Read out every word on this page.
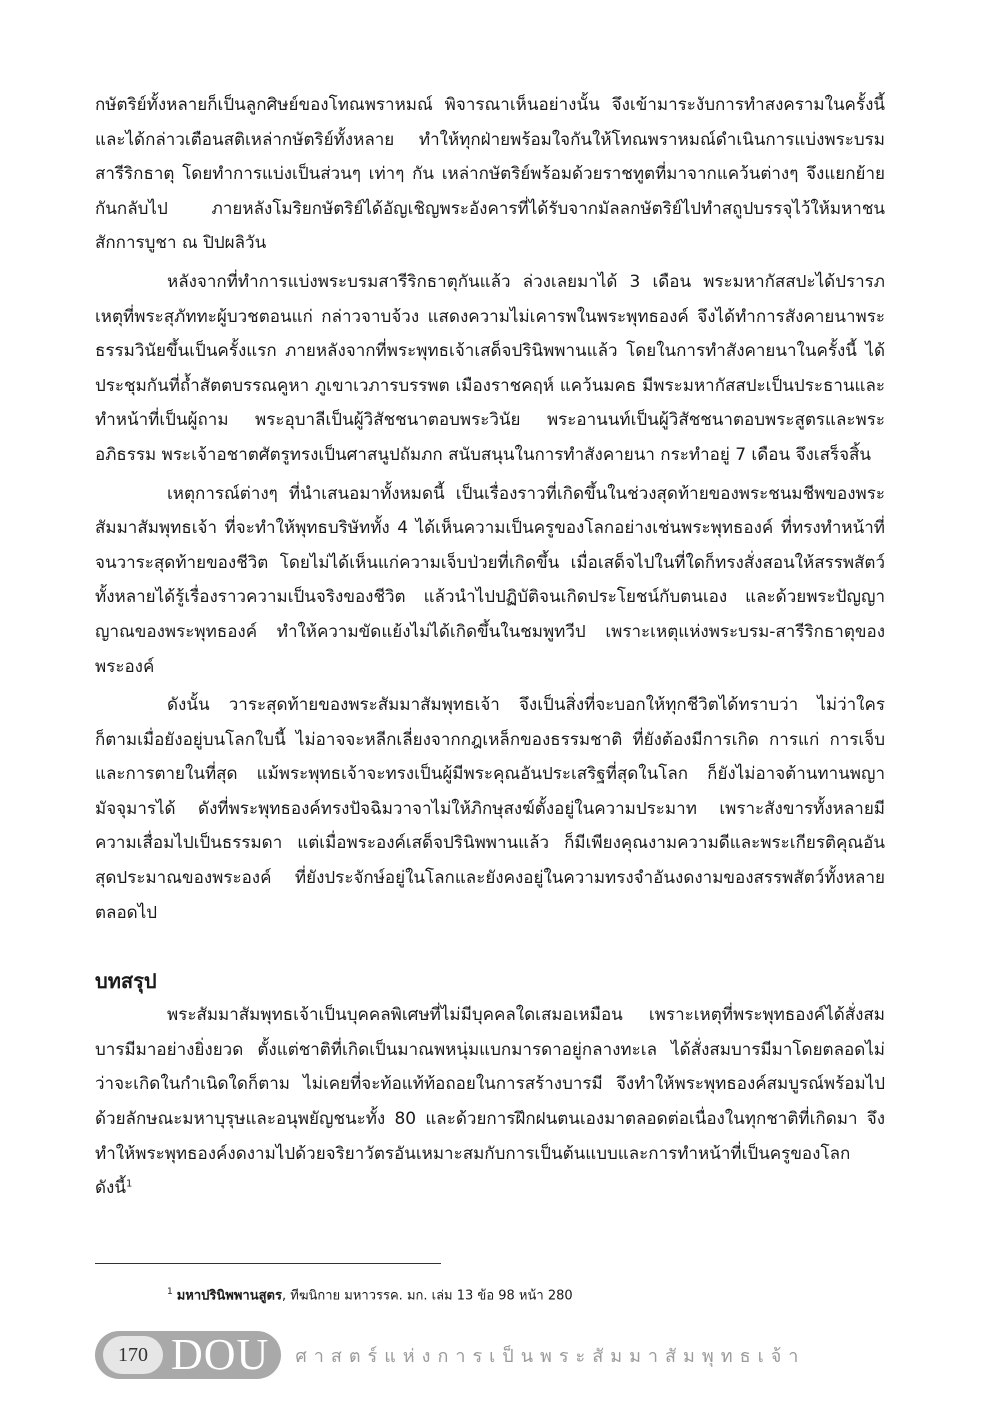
กษัตริย์ทั้งหลายก็เป็นลูกศิษย์ของโทณพราหมณ์ พิจารณาเห็นอย่างนั้น จึงเข้ามาระงับการทำสงครามในครั้งนี้ และได้กล่าวเตือนสติเหล่ากษัตริย์ทั้งหลาย ทำให้ทุกฝ่ายพร้อมใจกันให้โทณพราหมณ์ดำเนินการแบ่งพระบรมสารีริกธาตุ โดยทำการแบ่งเป็นส่วนๆ เท่าๆ กัน เหล่ากษัตริย์พร้อมด้วยราชทูตที่มาจากแคว้นต่างๆ จึงแยกย้ายกันกลับไป ภายหลังโมริยกษัตริย์ได้อัญเชิญพระอังคารที่ได้รับจากมัลลกษัตริย์ไปทำสถูปบรรจุไว้ให้มหาชนสักการบูชา ณ ปิปผลิวัน

หลังจากที่ทำการแบ่งพระบรมสารีริกธาตุกันแล้ว ล่วงเลยมาได้ 3 เดือน พระมหากัสสปะได้ปรารภเหตุที่พระสุภัททะผู้บวชตอนแก่ กล่าวจาบจ้วง แสดงความไม่เคารพในพระพุทธองค์ จึงได้ทำการสังคายนาพระธรรมวินัยขึ้นเป็นครั้งแรก ภายหลังจากที่พระพุทธเจ้าเสด็จปรินิพพานแล้ว โดยในการทำสังคายนาในครั้งนี้ ได้ประชุมกันที่ถ้ำสัตตบรรณคูหา ภูเขาเวภารบรรพต เมืองราชคฤห์ แคว้นมคธ มีพระมหากัสสปะเป็นประธานและทำหน้าที่เป็นผู้ถาม พระอุบาลีเป็นผู้วิสัชชนาตอบพระวินัย พระอานนท์เป็นผู้วิสัชชนาตอบพระสูตรและพระอภิธรรม พระเจ้าอชาตศัตรูทรงเป็นศาสนูปถัมภก สนับสนุนในการทำสังคายนา กระทำอยู่ 7 เดือน จึงเสร็จสิ้น

เหตุการณ์ต่างๆ ที่นำเสนอมาทั้งหมดนี้ เป็นเรื่องราวที่เกิดขึ้นในช่วงสุดท้ายของพระชนมชีพของพระสัมมาสัมพุทธเจ้า ที่จะทำให้พุทธบริษัททั้ง 4 ได้เห็นความเป็นครูของโลกอย่างเช่นพระพุทธองค์ ที่ทรงทำหน้าที่จนวาระสุดท้ายของชีวิต โดยไม่ได้เห็นแก่ความเจ็บป่วยที่เกิดขึ้น เมื่อเสด็จไปในที่ใดก็ทรงสั่งสอนให้สรรพสัตว์ทั้งหลายได้รู้เรื่องราวความเป็นจริงของชีวิต แล้วนำไปปฏิบัติจนเกิดประโยชน์กับตนเอง และด้วยพระปัญญาญาณของพระพุทธองค์ ทำให้ความขัดแย้งไม่ได้เกิดขึ้นในชมพูทวีป เพราะเหตุแห่งพระบรม-สารีริกธาตุของพระองค์

ดังนั้น วาระสุดท้ายของพระสัมมาสัมพุทธเจ้า จึงเป็นสิ่งที่จะบอกให้ทุกชีวิตได้ทราบว่า ไม่ว่าใครก็ตามเมื่อยังอยู่บนโลกใบนี้ ไม่อาจจะหลีกเลี่ยงจากกฎเหล็กของธรรมชาติ ที่ยังต้องมีการเกิด การแก่ การเจ็บ และการตายในที่สุด แม้พระพุทธเจ้าจะทรงเป็นผู้มีพระคุณอันประเสริฐที่สุดในโลก ก็ยังไม่อาจต้านทานพญามัจจุมารได้ ดังที่พระพุทธองค์ทรงปัจฉิมวาจาไม่ให้ภิกษุสงฆ์ตั้งอยู่ในความประมาท เพราะสังขารทั้งหลายมีความเสื่อมไปเป็นธรรมดา แต่เมื่อพระองค์เสด็จปรินิพพานแล้ว ก็มีเพียงคุณงามความดีและพระเกียรติคุณอันสุดประมาณของพระองค์ ที่ยังประจักษ์อยู่ในโลกและยังคงอยู่ในความทรงจำอันงดงามของสรรพสัตว์ทั้งหลายตลอดไป

บทสรุป

พระสัมมาสัมพุทธเจ้าเป็นบุคคลพิเศษที่ไม่มีบุคคลใดเสมอเหมือน เพราะเหตุที่พระพุทธองค์ได้สั่งสมบารมีมาอย่างยิ่งยวด ตั้งแต่ชาติที่เกิดเป็นมาณพหนุ่มแบกมารดาอยู่กลางทะเล ได้สั่งสมบารมีมาโดยตลอดไม่ว่าจะเกิดในกำเนิดใดก็ตาม ไม่เคยที่จะท้อแท้ท้อถอยในการสร้างบารมี จึงทำให้พระพุทธองค์สมบูรณ์พร้อมไปด้วยลักษณะมหาบุรุษและอนุพยัญชนะทั้ง 80 และด้วยการฝึกฝนตนเองมาตลอดต่อเนื่องในทุกชาติที่เกิดมา จึงทำให้พระพุทธองค์งดงามไปด้วยจริยาวัตรอันเหมาะสมกับการเป็นต้นแบบและการทำหน้าที่เป็นครูของโลก ดังนี้$^1$

$^1$ มหาปรินิพพานสูตร, ทีฆนิกาย มหาวรรค. มก. เล่ม 13 ข้อ 98 หน้า 280
170 DOU ศาสตร์แห่งการเป็นพระสัมมาสัมพุทธเจ้า
